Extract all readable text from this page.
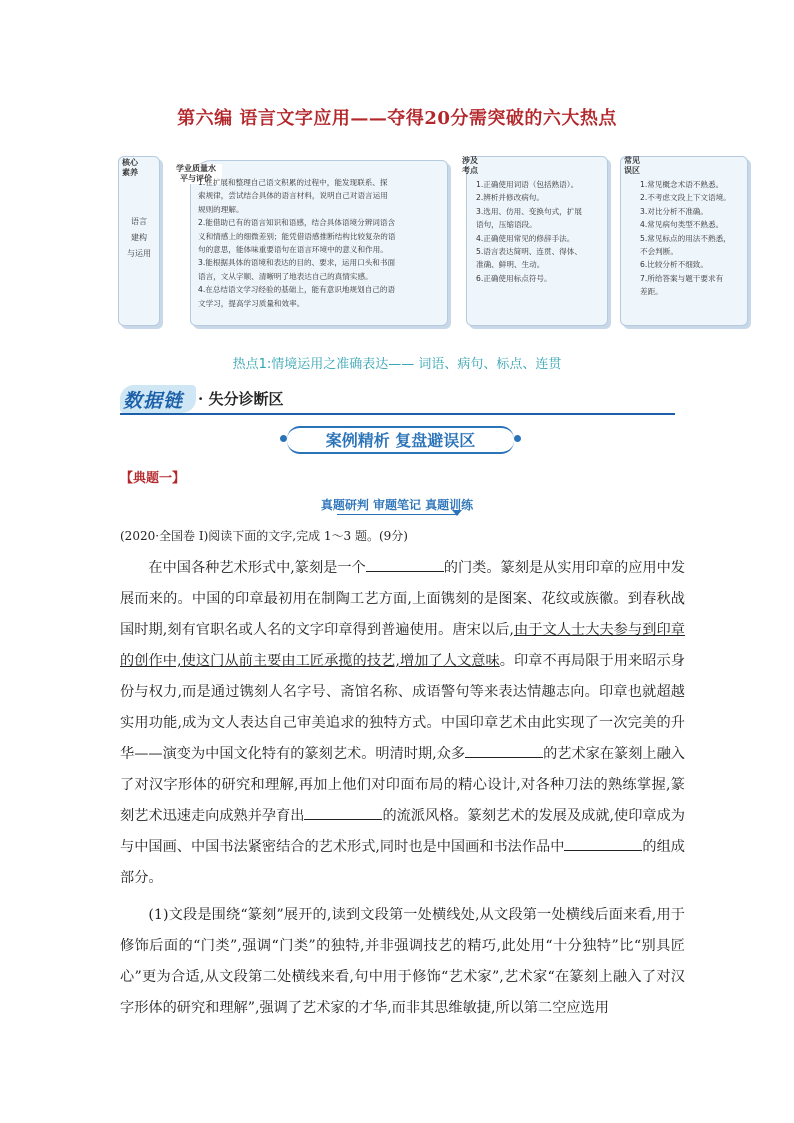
第六编 语言文字应用——夺得20分需突破的六大热点
核心
素养
语言
建构
与运用
学业质量水
平与评价
1.在扩展和整理自己语文积累的过程中，能发现联系、探
索规律，尝试结合具体的语言材料，说明自己对语言运用
规则的理解。
2.能借助已有的语言知识和语感，结合具体语境分辨词语含
义和情感上的细微差别；能凭借语感推断结构比较复杂的语
句的意思，能体味重要语句在语言环境中的意义和作用。
3.能根据具体的语境和表达的目的、要求，运用口头和书面
语言，文从字顺、清晰明了地表达自己的真情实感。
4.在总结语文学习经验的基础上，能有意识地规划自己的语
文学习，提高学习质量和效率。
涉及
考点
1.正确使用词语（包括熟语）。
2.辨析并修改病句。
3.选用、仿用、变换句式，扩展
语句，压缩语段。
4.正确使用常见的修辞手法。
5.语言表达简明、连贯、得体、
准确、鲜明、生动。
6.正确使用标点符号。
常见
误区
1.常见概念术语不熟悉。
2.不考虑文段上下文语境。
3.对比分析不准确。
4.常见病句类型不熟悉。
5.常见标点的用法不熟悉，
不会判断。
6.比较分析不细致。
7.所给答案与题干要求有
差距。
热点1:情境运用之准确表达—— 词语、病句、标点、连贯
数据链 · 失分诊断区
案例精析 复盘避误区
【典题一】
真题研判 审题笔记 真题训练
(2020·全国卷 I)阅读下面的文字,完成 1～3 题。(9分)

在中国各种艺术形式中,篆刻是一个	的门类。篆刻是从实用印章的应用中发展而来的。中国的印章最初用在制陶工艺方面,上面镌刻的是图案、花纹或族徽。到春秋战国时期,刻有官职名或人名的文字印章得到普遍使用。唐宋以后,由于文人士大夫参与到印章的创作中,使这门从前主要由工匠承揽的技艺,增加了人文意味。印章不再局限于用来昭示身份与权力,而是通过镌刻人名字号、斋馆名称、成语警句等来表达情趣志向。印章也就超越实用功能,成为文人表达自己审美追求的独特方式。中国印章艺术由此实现了一次完美的升华——演变为中国文化特有的篆刻艺术。明清时期,众多	的艺术家在篆刻上融入了对汉字形体的研究和理解,再加上他们对印面布局的精心设计,对各种刀法的熟练掌握,篆刻艺术迅速走向成熟并孕育出	的流派风格。篆刻艺术的发展及成就,使印章成为与中国画、中国书法紧密结合的艺术形式,同时也是中国画和书法作品中	的组成部分。

(1)文段是围绕“篆刻”展开的,读到文段第一处横线处,从文段第一处横线后面来看,用于修饰后面的“门类”,强调“门类”的独特,并非强调技艺的精巧,此处用“十分独特”比“别具匠心”更为合适,从文段第二处横线来看,句中用于修饰“艺术家”,艺术家“在篆刻上融入了对汉字形体的研究和理解”,强调了艺术家的才华,而非其思维敏捷,所以第二空应选用
